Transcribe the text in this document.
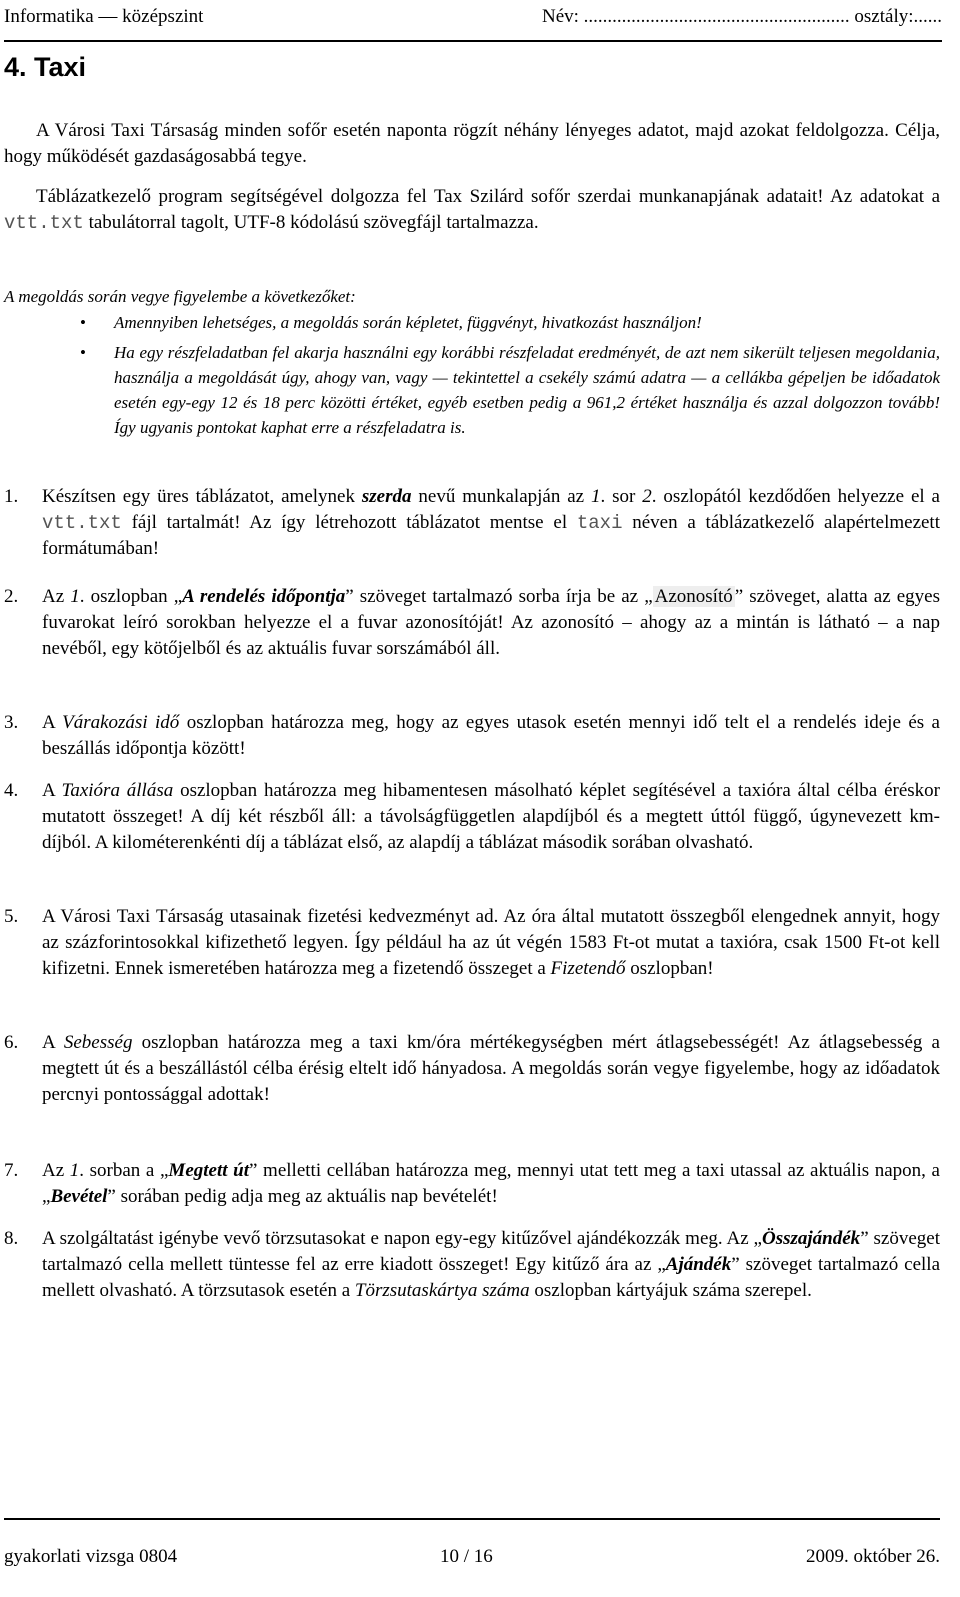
Informatika — középszint	Név: ........................................................ osztály:......
4. Taxi
A Városi Taxi Társaság minden sofőr esetén naponta rögzít néhány lényeges adatot, majd azokat feldolgozza. Célja, hogy működését gazdaságosabbá tegye.
Táblázatkezelő program segítségével dolgozza fel Tax Szilárd sofőr szerdai munkanapjának adatait! Az adatokat a vtt.txt tabulátorral tagolt, UTF-8 kódolású szövegfájl tartalmazza.
A megoldás során vegye figyelembe a következőket:
• Amennyiben lehetséges, a megoldás során képletet, függvényt, hivatkozást használjon!
• Ha egy részfeladatban fel akarja használni egy korábbi részfeladat eredményét, de azt nem sikerült teljesen megoldania, használja a megoldását úgy, ahogy van, vagy — tekintettel a csekély számú adatra — a cellákba gépeljen be időadatok esetén egy-egy 12 és 18 perc közötti értéket, egyéb esetben pedig a 961,2 értéket használja és azzal dolgozzon tovább! Így ugyanis pontokat kaphat erre a részfeladatra is.
1. Készítsen egy üres táblázatot, amelynek szerda nevű munkalapján az 1. sor 2. oszlopától kezdődően helyezze el a vtt.txt fájl tartalmát! Az így létrehozott táblázatot mentse el taxi néven a táblázatkezelő alapértelmezett formátumában!
2. Az 1. oszlopban „A rendelés időpontja” szöveget tartalmazó sorba írja be az „ Azonosító ” szöveget, alatta az egyes fuvarokat leíró sorokban helyezze el a fuvar azonosítóját! Az azonosító – ahogy az a mintán is látható – a nap nevéből, egy kötőjelből és az aktuális fuvar sorszámából áll.
3. A Várakozási idő oszlopban határozza meg, hogy az egyes utasok esetén mennyi idő telt el a rendelés ideje és a beszállás időpontja között!
4. A Taxióra állása oszlopban határozza meg hibamentesen másolható képlet segítésével a taxióra által célba éréskor mutatott összeget! A díj két részből áll: a távolságfüggetlen alapdíjból és a megtett úttól függő, úgynevezett km-díjból. A kilométerenkénti díj a táblázat első, az alapdíj a táblázat második sorában olvasható.
5. A Városi Taxi Társaság utasainak fizetési kedvezményt ad. Az óra által mutatott összegből elengednek annyit, hogy az százforintosokkal kifizethető legyen. Így például ha az út végén 1583 Ft-ot mutat a taxióra, csak 1500 Ft-ot kell kifizetni. Ennek ismeretében határozza meg a fizetendő összeget a Fizetendő oszlopban!
6. A Sebesség oszlopban határozza meg a taxi km/óra mértékegységben mért átlagsebességét! Az átlagsebesség a megtett út és a beszállástól célba érésig eltelt idő hányadosa. A megoldás során vegye figyelembe, hogy az időadatok percnyi pontossággal adottak!
7. Az 1. sorban a „Megtett út” melletti cellában határozza meg, mennyi utat tett meg a taxi utassal az aktuális napon, a „Bevétel” sorában pedig adja meg az aktuális nap bevételét!
8. A szolgáltatást igénybe vevő törzsutasokat e napon egy-egy kitűzővel ajándékozzák meg. Az „Összajándék” szöveget tartalmazó cella mellett tüntesse fel az erre kiadott összeget! Egy kitűző ára az „Ajándék” szöveget tartalmazó cella mellett olvasható. A törzsutasok esetén a Törzsutaskártya száma oszlopban kártyájuk száma szerepel.
gyakorlati vizsga 0804	10 / 16	2009. október 26.
